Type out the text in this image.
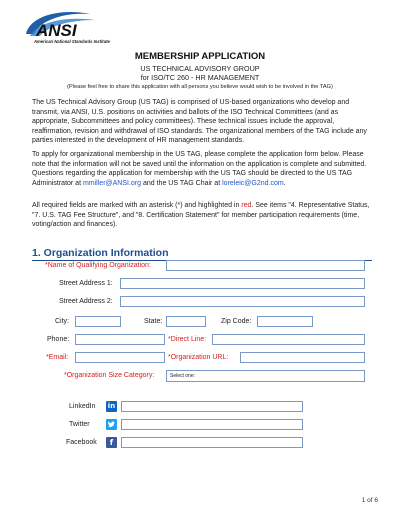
ANSI
American National Standards Institute
MEMBERSHIP APPLICATION
US TECHNICAL ADVISORY GROUP
for ISO/TC 260 - HR MANAGEMENT
(Please feel free to share this application with all persons you believe would wish to be involved in the TAG)
The US Technical Advisory Group (US TAG) is comprised of US-based organizations who develop and transmit, via ANSI, U.S. positions on activities and ballots of the ISO Technical Committees (and as appropriate, Subcommittees and policy committees). These technical issues include the approval, reaffirmation, revision and withdrawal of ISO standards. The organizational members of the TAG include any parties interested in the development of HR management standards.
To apply for organizational membership in the US TAG, please complete the application form below. Please note that the information will not be saved until the information on the application is complete and submitted. Questions regarding the application for membership with the US TAG should be directed to the US TAG Administrator at mmiller@ANSI.org and the US TAG Chair at loreleic@G2nd.com.
All required fields are marked with an asterisk (*) and highlighted in red. See items "4. Representative Status, "7. U.S. TAG Fee Structure", and "8. Certification Statement" for member participation requirements (time, voting/action and finances).
1. Organization Information
*Name of Qualifying Organization:
Street Address 1:
Street Address 2:
City:	State:	Zip Code:
Phone:	*Direct Line:
*Email:	*Organization URL:
*Organization Size Category:	Select one:
LinkedIn in
Twitter
Facebook	f
1 of 6
